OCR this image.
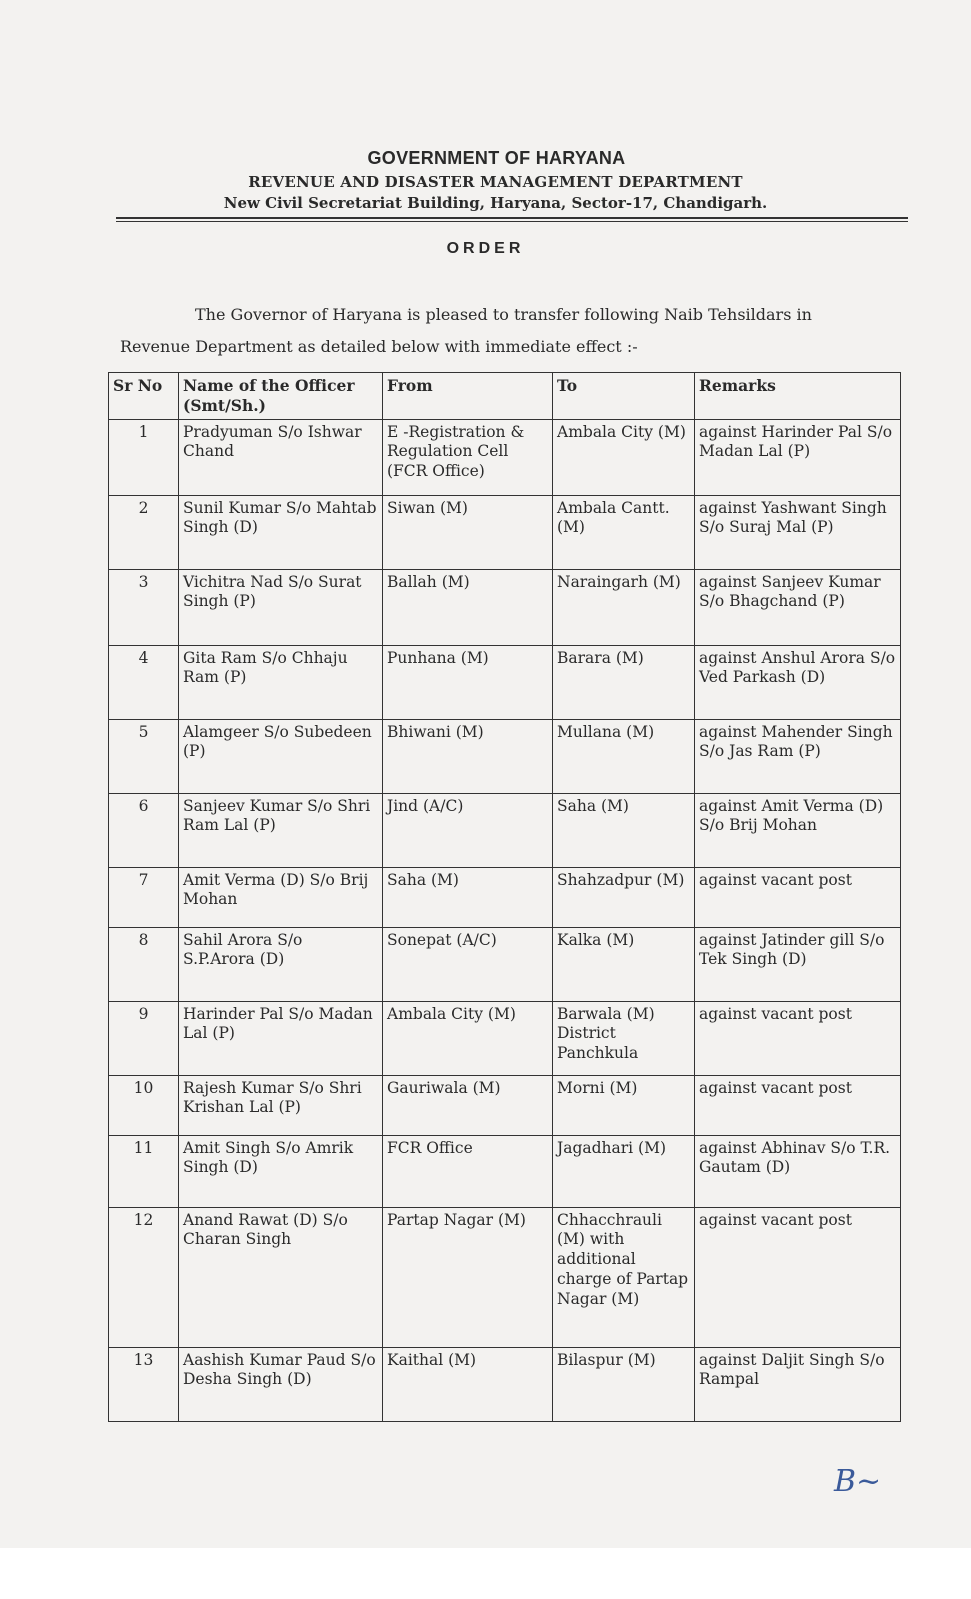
GOVERNMENT OF HARYANA
REVENUE AND DISASTER MANAGEMENT DEPARTMENT
New Civil Secretariat Building, Haryana, Sector-17, Chandigarh.
ORDER
The Governor of Haryana is pleased to transfer following Naib Tehsildars in
Revenue Department as detailed below with immediate effect :-
Sr No	Name of the Officer (Smt/Sh.)	From	To	Remarks
1	Pradyuman S/o Ishwar Chand	E -Registration & Regulation Cell (FCR Office)	Ambala City (M)	against Harinder Pal S/o Madan Lal (P)
2	Sunil Kumar S/o Mahtab Singh (D)	Siwan (M)	Ambala Cantt. (M)	against Yashwant Singh S/o Suraj Mal (P)
3	Vichitra Nad S/o Surat Singh (P)	Ballah (M)	Naraingarh (M)	against Sanjeev Kumar S/o Bhagchand (P)
4	Gita Ram S/o Chhaju Ram (P)	Punhana (M)	Barara (M)	against Anshul Arora S/o Ved Parkash (D)
5	Alamgeer S/o Subedeen (P)	Bhiwani (M)	Mullana (M)	against Mahender Singh S/o Jas Ram (P)
6	Sanjeev Kumar S/o Shri Ram Lal (P)	Jind (A/C)	Saha (M)	against Amit Verma (D) S/o Brij Mohan
7	Amit Verma (D) S/o Brij Mohan	Saha (M)	Shahzadpur (M)	against vacant post
8	Sahil Arora S/o S.P.Arora (D)	Sonepat (A/C)	Kalka (M)	against Jatinder gill S/o Tek Singh (D)
9	Harinder Pal S/o Madan Lal (P)	Ambala City (M)	Barwala (M) District Panchkula	against vacant post
10	Rajesh Kumar S/o Shri Krishan Lal (P)	Gauriwala (M)	Morni (M)	against vacant post
11	Amit Singh S/o Amrik Singh (D)	FCR Office	Jagadhari (M)	against Abhinav S/o T.R. Gautam (D)
12	Anand Rawat (D) S/o Charan Singh	Partap Nagar (M)	Chhacchrauli (M) with additional charge of Partap Nagar (M)	against vacant post
13	Aashish Kumar Paud S/o Desha Singh (D)	Kaithal (M)	Bilaspur (M)	against Daljit Singh S/o Rampal
B~
